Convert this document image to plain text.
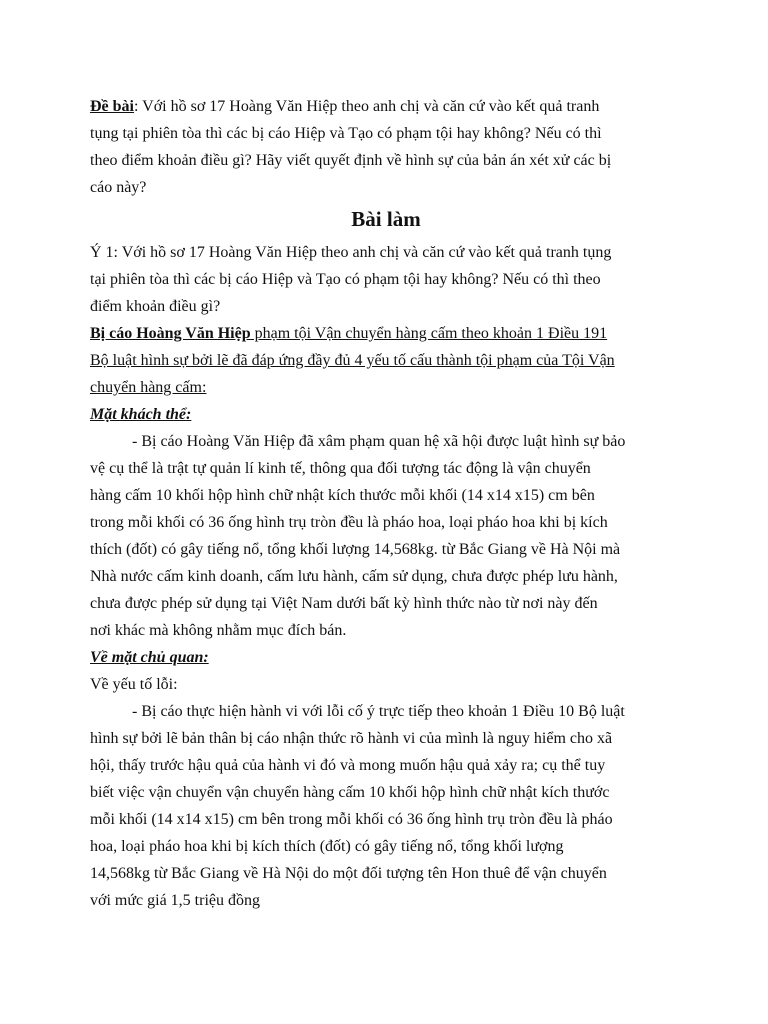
Đề bài: Với hồ sơ 17 Hoàng Văn Hiệp theo anh chị và căn cứ vào kết quả tranh
tụng tại phiên tòa thì các bị cáo Hiệp và Tạo có phạm tội hay không? Nếu có thì
theo điểm khoản điều gì? Hãy viết quyết định về hình sự của bản án xét xử các bị
cáo này?
Bài làm
Ý 1: Với hồ sơ 17 Hoàng Văn Hiệp theo anh chị và căn cứ vào kết quả tranh tụng
tại phiên tòa thì các bị cáo Hiệp và Tạo có phạm tội hay không? Nếu có thì theo
điểm khoản điều gì?
Bị cáo Hoàng Văn Hiệp phạm tội Vận chuyển hàng cấm theo khoản 1 Điều 191
Bộ luật hình sự bởi lẽ đã đáp ứng đầy đủ 4 yếu tố cấu thành tội phạm của Tội Vận
chuyển hàng cấm:
Mặt khách thể:
- Bị cáo Hoàng Văn Hiệp đã xâm phạm quan hệ xã hội được luật hình sự bảo
vệ cụ thể là trật tự quản lí kinh tế, thông qua đối tượng tác động là vận chuyển
hàng cấm 10 khối hộp hình chữ nhật kích thước mỗi khối (14 x14 x15) cm bên
trong mỗi khối có 36 ống hình trụ tròn đều là pháo hoa, loại pháo hoa khi bị kích
thích (đốt) có gây tiếng nổ, tổng khối lượng 14,568kg. từ Bắc Giang về Hà Nội mà
Nhà nước cấm kinh doanh, cấm lưu hành, cấm sử dụng, chưa được phép lưu hành,
chưa được phép sử dụng tại Việt Nam dưới bất kỳ hình thức nào từ nơi này đến
nơi khác mà không nhằm mục đích bán.
Về mặt chủ quan:
Về yếu tố lỗi:
- Bị cáo thực hiện hành vi với lỗi cố ý trực tiếp theo khoản 1 Điều 10 Bộ luật
hình sự bởi lẽ bản thân bị cáo nhận thức rõ hành vi của mình là nguy hiểm cho xã
hội, thấy trước hậu quả của hành vi đó và mong muốn hậu quả xảy ra; cụ thể tuy
biết việc vận chuyển vận chuyển hàng cấm 10 khối hộp hình chữ nhật kích thước
mỗi khối (14 x14 x15) cm bên trong mỗi khối có 36 ống hình trụ tròn đều là pháo
hoa, loại pháo hoa khi bị kích thích (đốt) có gây tiếng nổ, tổng khối lượng
14,568kg từ Bắc Giang về Hà Nội do một đối tượng tên Hon thuê để vận chuyển
với mức giá 1,5 triệu đồng
